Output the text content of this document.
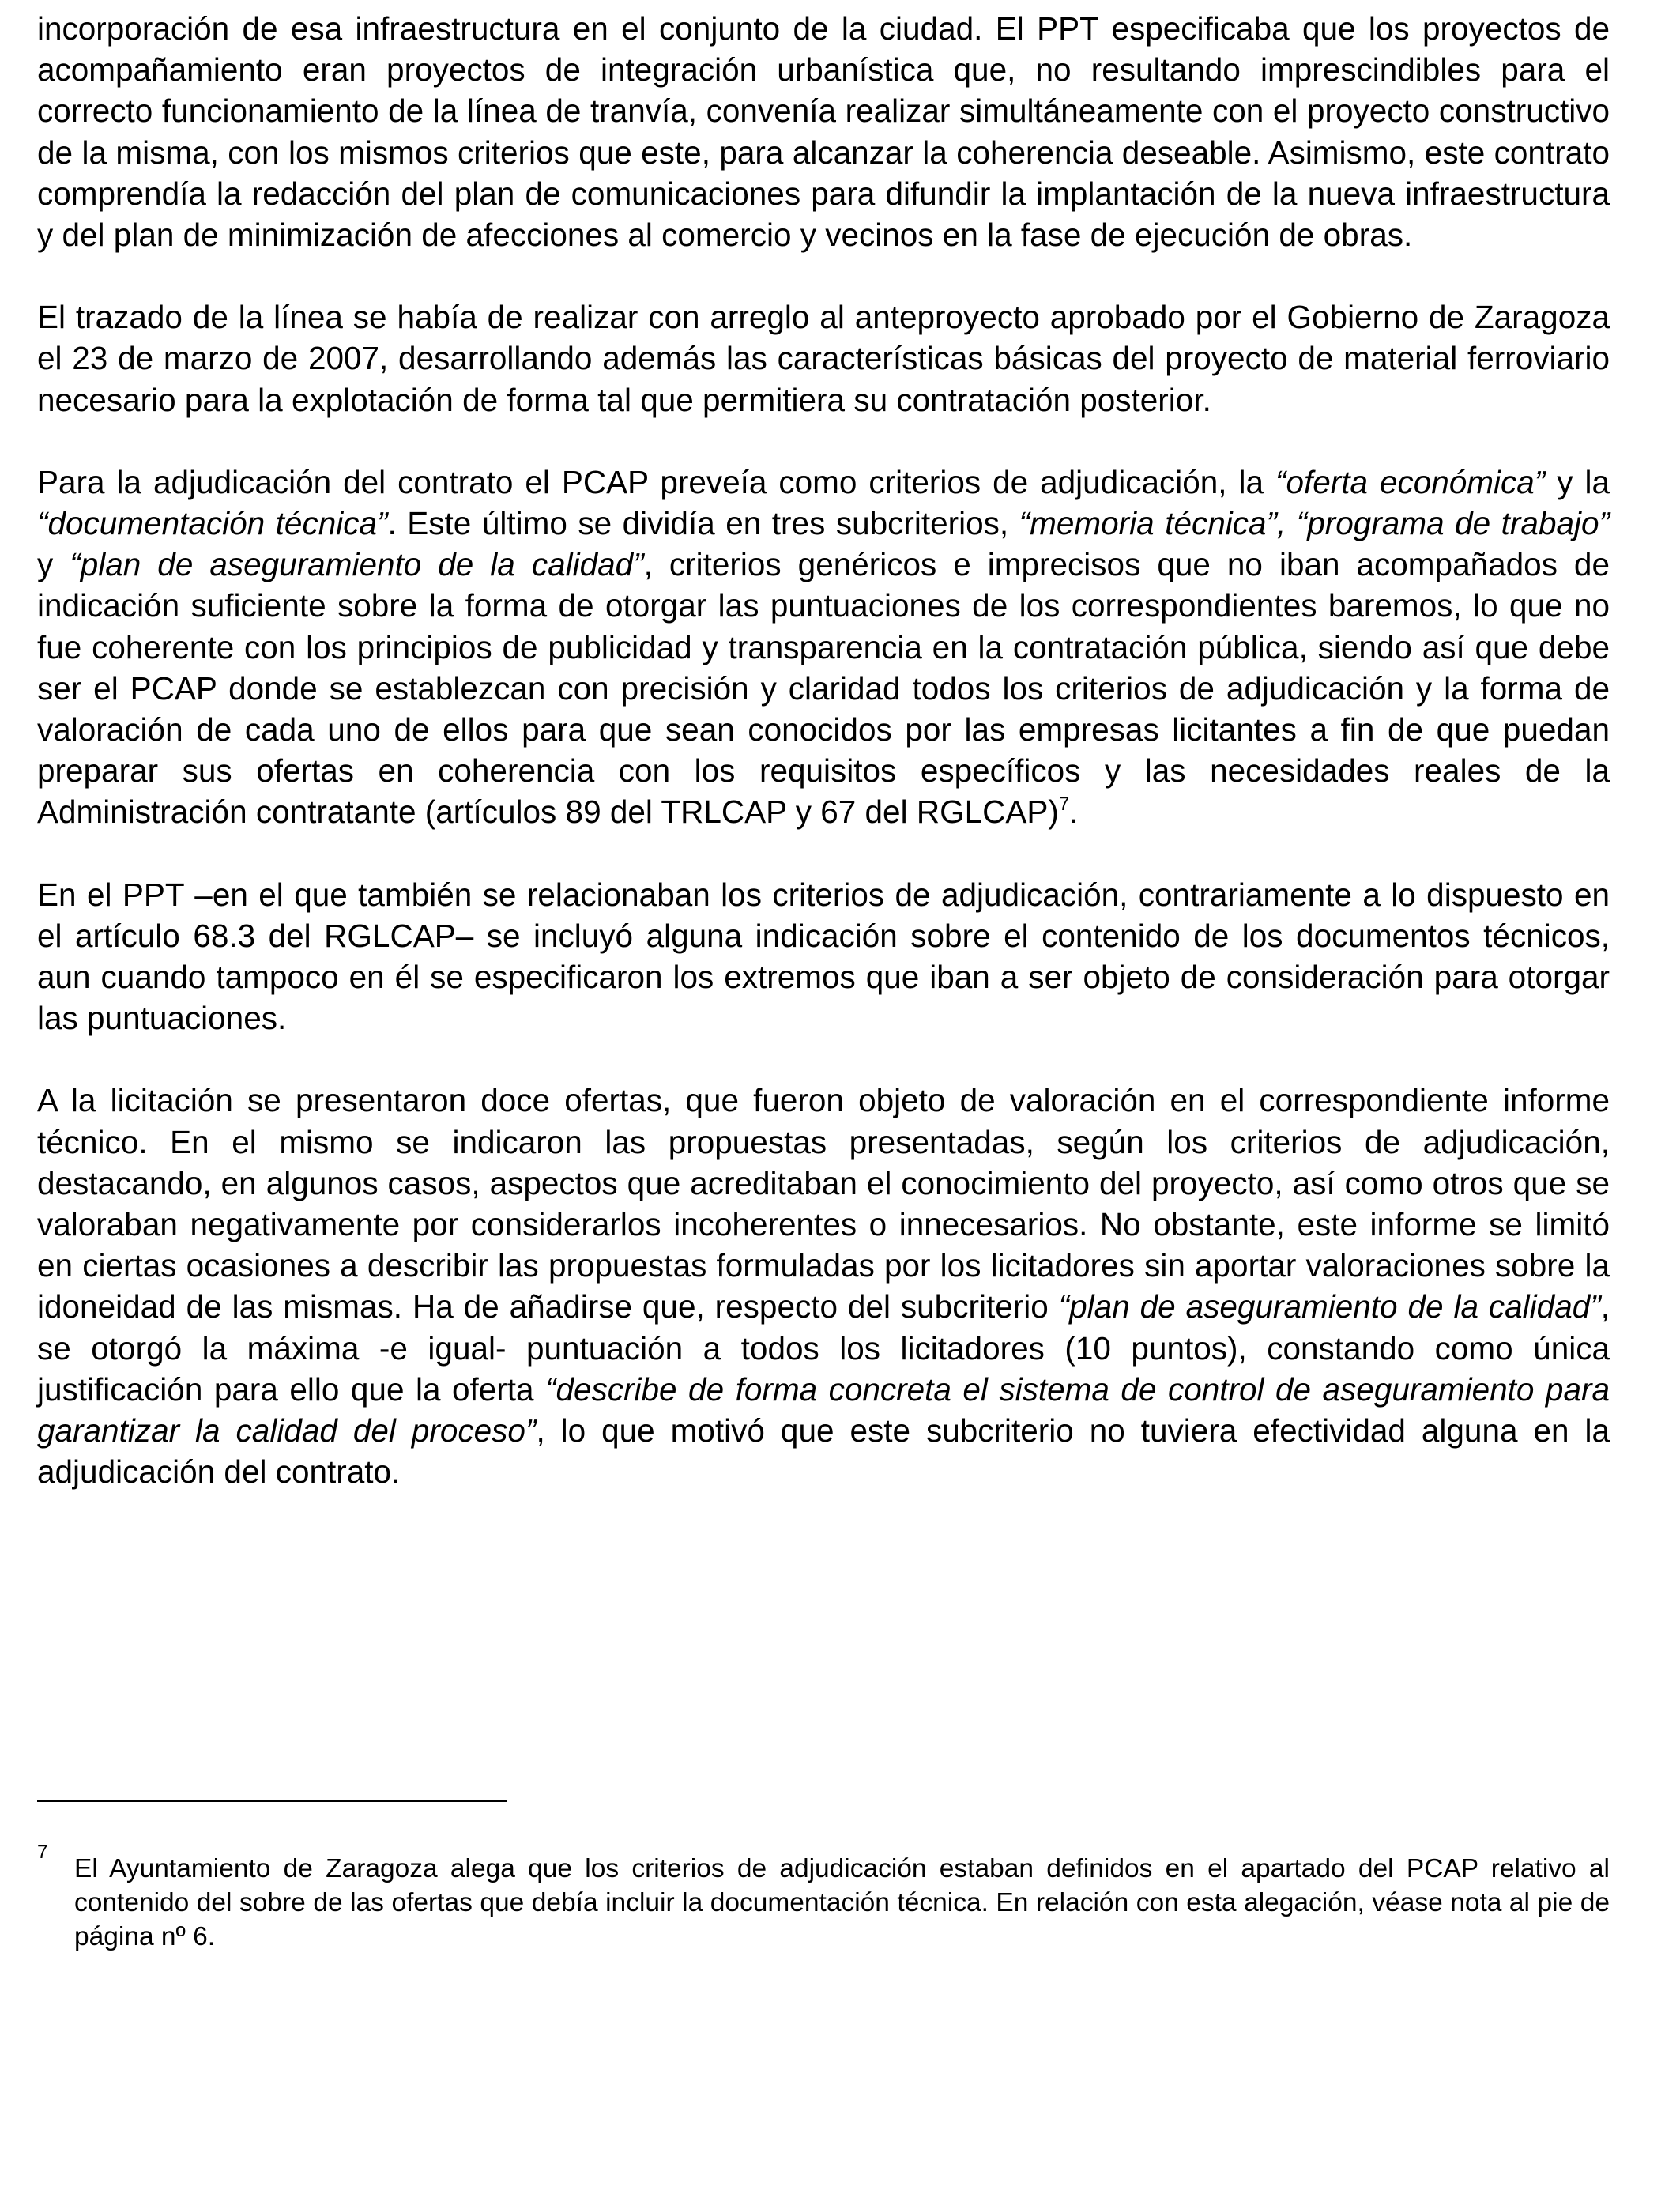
incorporación de esa infraestructura en el conjunto de la ciudad. El PPT especificaba que los proyectos de acompañamiento eran proyectos de integración urbanística que, no resultando imprescindibles para el correcto funcionamiento de la línea de tranvía, convenía realizar simultáneamente con el proyecto constructivo de la misma, con los mismos criterios que este, para alcanzar la coherencia deseable. Asimismo, este contrato comprendía la redacción del plan de comunicaciones para difundir la implantación de la nueva infraestructura y del plan de minimización de afecciones al comercio y vecinos en la fase de ejecución de obras.

El trazado de la línea se había de realizar con arreglo al anteproyecto aprobado por el Gobierno de Zaragoza el 23 de marzo de 2007, desarrollando además las características básicas del proyecto de material ferroviario necesario para la explotación de forma tal que permitiera su contratación posterior.

Para la adjudicación del contrato el PCAP preveía como criterios de adjudicación, la “oferta económica” y la “documentación técnica”. Este último se dividía en tres subcriterios, “memoria técnica”, “programa de trabajo” y “plan de aseguramiento de la calidad”, criterios genéricos e imprecisos que no iban acompañados de indicación suficiente sobre la forma de otorgar las puntuaciones de los correspondientes baremos, lo que no fue coherente con los principios de publicidad y transparencia en la contratación pública, siendo así que debe ser el PCAP donde se establezcan con precisión y claridad todos los criterios de adjudicación y la forma de valoración de cada uno de ellos para que sean conocidos por las empresas licitantes a fin de que puedan preparar sus ofertas en coherencia con los requisitos específicos y las necesidades reales de la Administración contratante (artículos 89 del TRLCAP y 67 del RGLCAP)$^7$.

En el PPT –en el que también se relacionaban los criterios de adjudicación, contrariamente a lo dispuesto en el artículo 68.3 del RGLCAP– se incluyó alguna indicación sobre el contenido de los documentos técnicos, aun cuando tampoco en él se especificaron los extremos que iban a ser objeto de consideración para otorgar las puntuaciones.

A la licitación se presentaron doce ofertas, que fueron objeto de valoración en el correspondiente informe técnico. En el mismo se indicaron las propuestas presentadas, según los criterios de adjudicación, destacando, en algunos casos, aspectos que acreditaban el conocimiento del proyecto, así como otros que se valoraban negativamente por considerarlos incoherentes o innecesarios. No obstante, este informe se limitó en ciertas ocasiones a describir las propuestas formuladas por los licitadores sin aportar valoraciones sobre la idoneidad de las mismas. Ha de añadirse que, respecto del subcriterio “plan de aseguramiento de la calidad”, se otorgó la máxima -e igual- puntuación a todos los licitadores (10 puntos), constando como única justificación para ello que la oferta “describe de forma concreta el sistema de control de aseguramiento para garantizar la calidad del proceso”, lo que motivó que este subcriterio no tuviera efectividad alguna en la adjudicación del contrato.

7
El Ayuntamiento de Zaragoza alega que los criterios de adjudicación estaban definidos en el apartado del PCAP relativo al contenido del sobre de las ofertas que debía incluir la documentación técnica. En relación con esta alegación, véase nota al pie de página nº 6.
